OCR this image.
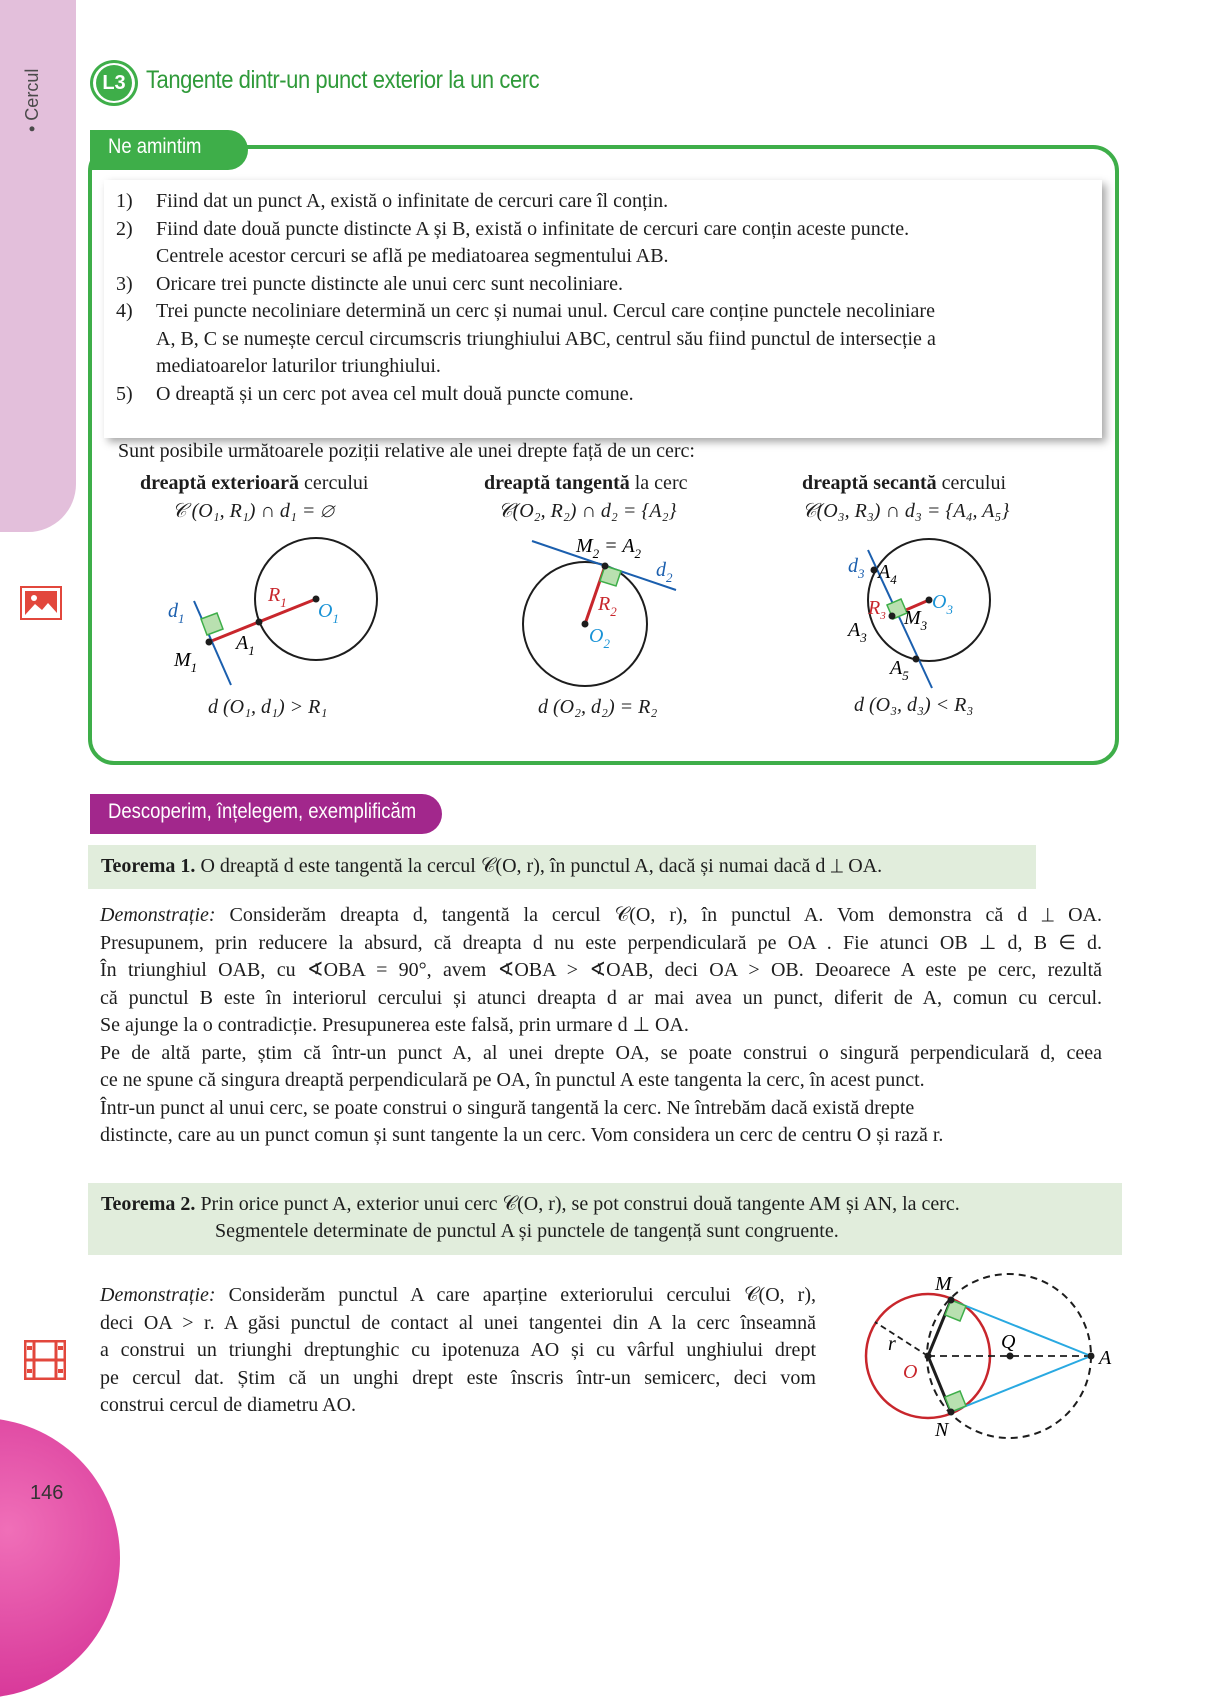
• Cercul
146
L3 Tangente dintr-un punct exterior la un cerc
Ne amintim
1)	Fiind dat un punct A, există o infinitate de cercuri care îl conțin.
2)	Fiind date două puncte distincte A și B, există o infinitate de cercuri care conțin aceste puncte.
Centrele acestor cercuri se află pe mediatoarea segmentului AB.
3)	Oricare trei puncte distincte ale unui cerc sunt necoliniare.
4)	Trei puncte necoliniare determină un cerc și numai unul. Cercul care conține punctele necoliniare
A, B, C se numește cercul circumscris triunghiului ABC, centrul său fiind punctul de intersecție a
mediatoarelor laturilor triunghiului.
5)	O dreaptă și un cerc pot avea cel mult două puncte comune.
Sunt posibile următoarele poziții relative ale unei drepte față de un cerc:
dreaptă exterioară cercului
𝒞 (O₁, R₁) ∩ d₁ = ∅
$R_1$ $O_1$
$d_1$
$A_1$
$M_1$
d (O₁, d₁) > R₁
dreaptă tangentă la cerc
𝒞(O₂, R₂) ∩ d₂ = {A₂}
$M_2 = A_2$
$d_2$
$R_2$
$O_2$
d (O₂, d₂) = R₂
dreaptă secantă cercului
𝒞(O₃, R₃) ∩ d₃ = {A₄, A₅}
$d_3$ $A_4$
$R_3$
$O_3$
$M_3$
$A_3$
$A_5$
d (O₃, d₃) < R₃
Descoperim, înțelegem, exemplificăm
Teorema 1. O dreaptă d este tangentă la cercul 𝒞(O, r), în punctul A, dacă și numai dacă d ⊥ OA.
Demonstrație: Considerăm dreapta d, tangentă la cercul 𝒞(O, r), în punctul A. Vom demonstra că d ⊥ OA.
Presupunem, prin reducere la absurd, că dreapta d nu este perpendiculară pe OA . Fie atunci OB ⊥ d, B ∈ d.
În triunghiul OAB, cu ∢OBA = 90°, avem ∢OBA > ∢OAB, deci OA > OB. Deoarece A este pe cerc, rezultă
că punctul B este în interiorul cercului și atunci dreapta d ar mai avea un punct, diferit de A, comun cu cercul.
Se ajunge la o contradicție. Presupunerea este falsă, prin urmare d ⊥ OA.
Pe de altă parte, știm că într-un punct A, al unei drepte OA, se poate construi o singură perpendiculară d, ceea
ce ne spune că singura dreaptă perpendiculară pe OA, în punctul A este tangenta la cerc, în acest punct.
Într-un punct al unui cerc, se poate construi o singură tangentă la cerc. Ne întrebăm dacă există drepte
distincte, care au un punct comun și sunt tangente la un cerc. Vom considera un cerc de centru O și rază r.
Teorema 2. Prin orice punct A, exterior unui cerc 𝒞(O, r), se pot construi două tangente AM și AN, la cerc.
Segmentele determinate de punctul A și punctele de tangență sunt congruente.
Demonstrație: Considerăm punctul A care aparține exteriorului cercului 𝒞(O, r),
deci OA > r. A găsi punctul de contact al unei tangentei din A la cerc înseamnă
a construi un triunghi dreptunghic cu ipotenuza AO și cu vârful unghiului drept
pe cercul dat. Știm că un unghi drept este înscris într-un semicerc, deci vom
construi cercul de diametru AO.
M
N
O
Q
A
r
